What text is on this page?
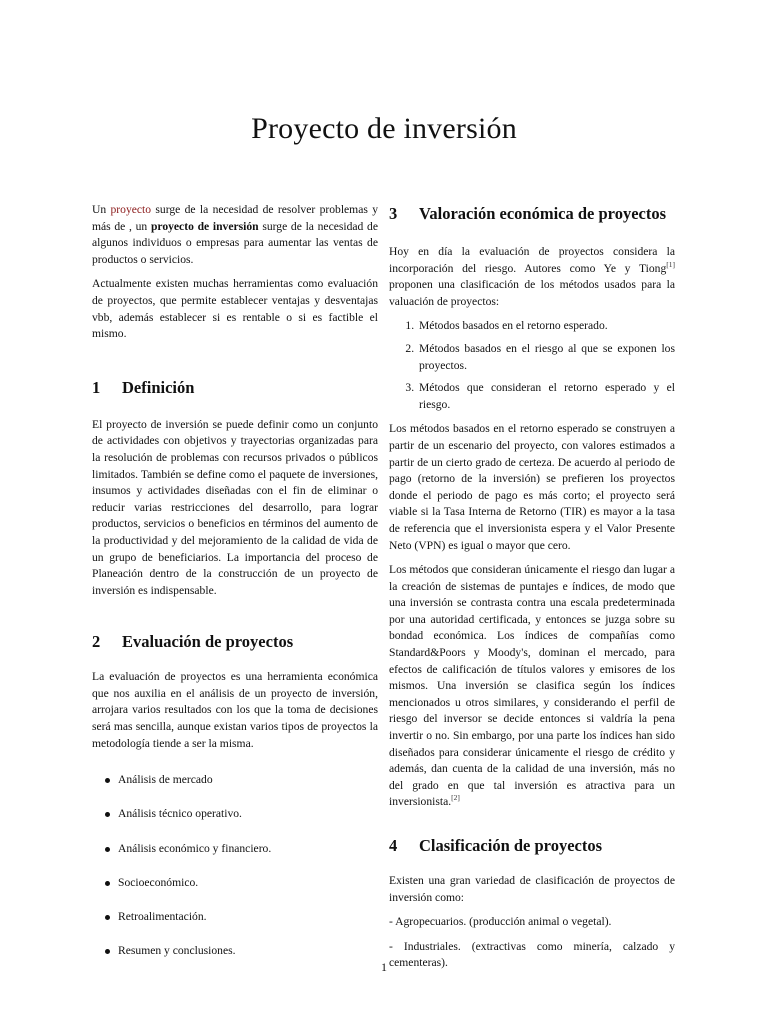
Proyecto de inversión

Un proyecto surge de la necesidad de resolver problemas y más de , un proyecto de inversión surge de la necesidad de algunos individuos o empresas para aumentar las ventas de productos o servicios.

Actualmente existen muchas herramientas como evaluación de proyectos, que permite establecer ventajas y desventajas vbb, además establecer si es rentable o si es factible el mismo.

1	Definición

El proyecto de inversión se puede definir como un conjunto de actividades con objetivos y trayectorias organizadas para la resolución de problemas con recursos privados o públicos limitados. También se define como el paquete de inversiones, insumos y actividades diseñadas con el fin de eliminar o reducir varias restricciones del desarrollo, para lograr productos, servicios o beneficios en términos del aumento de la productividad y del mejoramiento de la calidad de vida de un grupo de beneficiarios. La importancia del proceso de Planeación dentro de la construcción de un proyecto de inversión es indispensable.

2	Evaluación de proyectos

La evaluación de proyectos es una herramienta económica que nos auxilia en el análisis de un proyecto de inversión, arrojara varios resultados con los que la toma de decisiones será mas sencilla, aunque existan varios tipos de proyectos la metodología tiende a ser la misma.

Análisis de mercado
Análisis técnico operativo.
Análisis económico y financiero.
Socioeconómico.
Retroalimentación.
Resumen y conclusiones.
3	Valoración económica de proyectos

Hoy en día la evaluación de proyectos considera la incorporación del riesgo. Autores como Ye y Tiong[1] proponen una clasificación de los métodos usados para la valuación de proyectos:

1. Métodos basados en el retorno esperado.
2. Métodos basados en el riesgo al que se exponen los proyectos.
3. Métodos que consideran el retorno esperado y el riesgo.

Los métodos basados en el retorno esperado se construyen a partir de un escenario del proyecto, con valores estimados a partir de un cierto grado de certeza. De acuerdo al periodo de pago (retorno de la inversión) se prefieren los proyectos donde el periodo de pago es más corto; el proyecto será viable si la Tasa Interna de Retorno (TIR) es mayor a la tasa de referencia que el inversionista espera y el Valor Presente Neto (VPN) es igual o mayor que cero.

Los métodos que consideran únicamente el riesgo dan lugar a la creación de sistemas de puntajes e índices, de modo que una inversión se contrasta contra una escala predeterminada por una autoridad certificada, y entonces se juzga sobre su bondad económica. Los índices de compañías como Standard&Poors y Moody's, dominan el mercado, para efectos de calificación de títulos valores y emisores de los mismos. Una inversión se clasifica según los índices mencionados u otros similares, y considerando el perfil de riesgo del inversor se decide entonces si valdría la pena invertir o no. Sin embargo, por una parte los índices han sido diseñados para considerar únicamente el riesgo de crédito y además, dan cuenta de la calidad de una inversión, más no del grado en que tal inversión es atractiva para un inversionista.[2]

4	Clasificación de proyectos

Existen una gran variedad de clasificación de proyectos de inversión como:

- Agropecuarios. (producción animal o vegetal).

- Industriales. (extractivas como minería, calzado y cementeras).

1
